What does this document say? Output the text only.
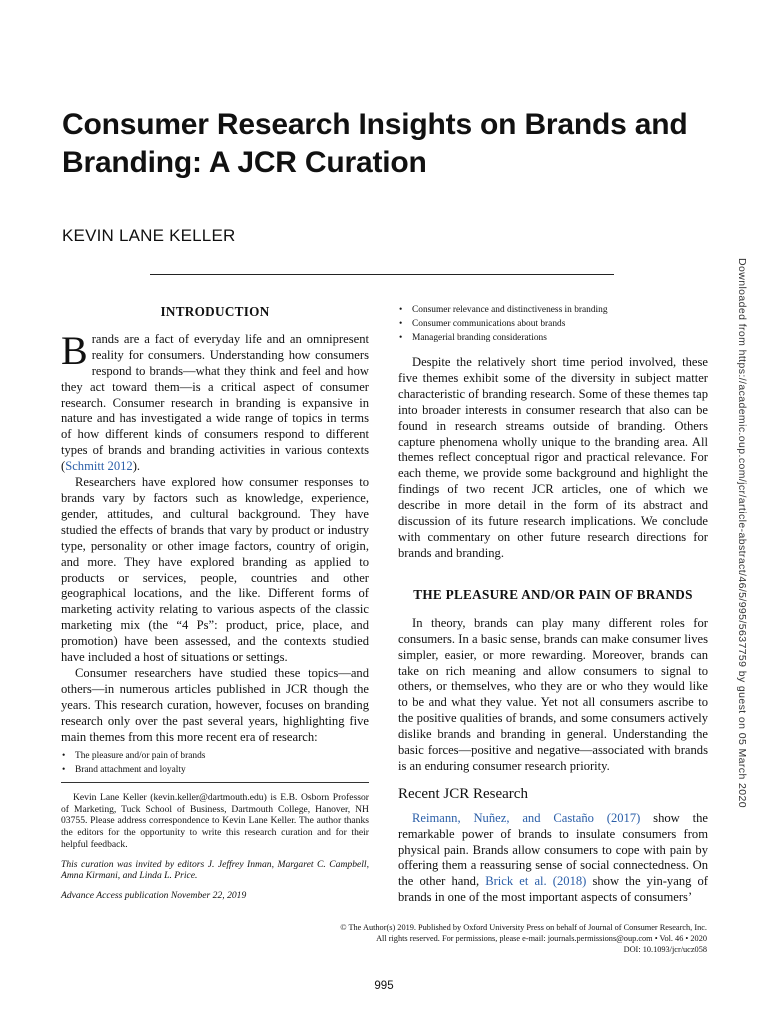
Consumer Research Insights on Brands and Branding: A JCR Curation
KEVIN LANE KELLER
INTRODUCTION

Brands are a fact of everyday life and an omnipresent reality for consumers. Understanding how consumers respond to brands—what they think and feel and how they act toward them—is a critical aspect of consumer research. Consumer research in branding is expansive in nature and has investigated a wide range of topics in terms of how different kinds of consumers respond to different types of brands and branding activities in various contexts (Schmitt 2012).

Researchers have explored how consumer responses to brands vary by factors such as knowledge, experience, gender, attitudes, and cultural background. They have studied the effects of brands that vary by product or industry type, personality or other image factors, country of origin, and more. They have explored branding as applied to products or services, people, countries and other geographical locations, and the like. Different forms of marketing activity relating to various aspects of the classic marketing mix (the “4 Ps”: product, price, place, and promotion) have been assessed, and the contexts studied have included a host of situations or settings.

Consumer researchers have studied these topics—and others—in numerous articles published in JCR though the years. This research curation, however, focuses on branding research only over the past several years, highlighting five main themes from this more recent era of research:

• The pleasure and/or pain of brands
• Brand attachment and loyalty

Kevin Lane Keller (kevin.keller@dartmouth.edu) is E.B. Osborn Professor of Marketing, Tuck School of Business, Dartmouth College, Hanover, NH 03755. Please address correspondence to Kevin Lane Keller. The author thanks the editors for the opportunity to write this research curation and for their helpful feedback.

This curation was invited by editors J. Jeffrey Inman, Margaret C. Campbell, Amna Kirmani, and Linda L. Price.

Advance Access publication November 22, 2019

• Consumer relevance and distinctiveness in branding
• Consumer communications about brands
• Managerial branding considerations

Despite the relatively short time period involved, these five themes exhibit some of the diversity in subject matter characteristic of branding research. Some of these themes tap into broader interests in consumer research that also can be found in research streams outside of branding. Others capture phenomena wholly unique to the branding area. All themes reflect conceptual rigor and practical relevance. For each theme, we provide some background and highlight the findings of two recent JCR articles, one of which we describe in more detail in the form of its abstract and discussion of its future research implications. We conclude with commentary on other future research directions for brands and branding.

THE PLEASURE AND/OR PAIN OF BRANDS

In theory, brands can play many different roles for consumers. In a basic sense, brands can make consumer lives simpler, easier, or more rewarding. Moreover, brands can take on rich meaning and allow consumers to signal to others, or themselves, who they are or who they would like to be and what they value. Yet not all consumers ascribe to the positive qualities of brands, and some consumers actively dislike brands and branding in general. Understanding the basic forces—positive and negative—associated with brands is an enduring consumer research priority.

Recent JCR Research

Reimann, Nuñez, and Castaño (2017) show the remarkable power of brands to insulate consumers from physical pain. Brands allow consumers to cope with pain by offering them a reassuring sense of social connectedness. On the other hand, Brick et al. (2018) show the yin-yang of brands in one of the most important aspects of consumers’

© The Author(s) 2019. Published by Oxford University Press on behalf of Journal of Consumer Research, Inc.
All rights reserved. For permissions, please e-mail: journals.permissions@oup.com • Vol. 46 • 2020
DOI: 10.1093/jcr/ucz058
995
Downloaded from https://academic.oup.com/jcr/article-abstract/46/5/995/5637759 by guest on 05 March 2020
